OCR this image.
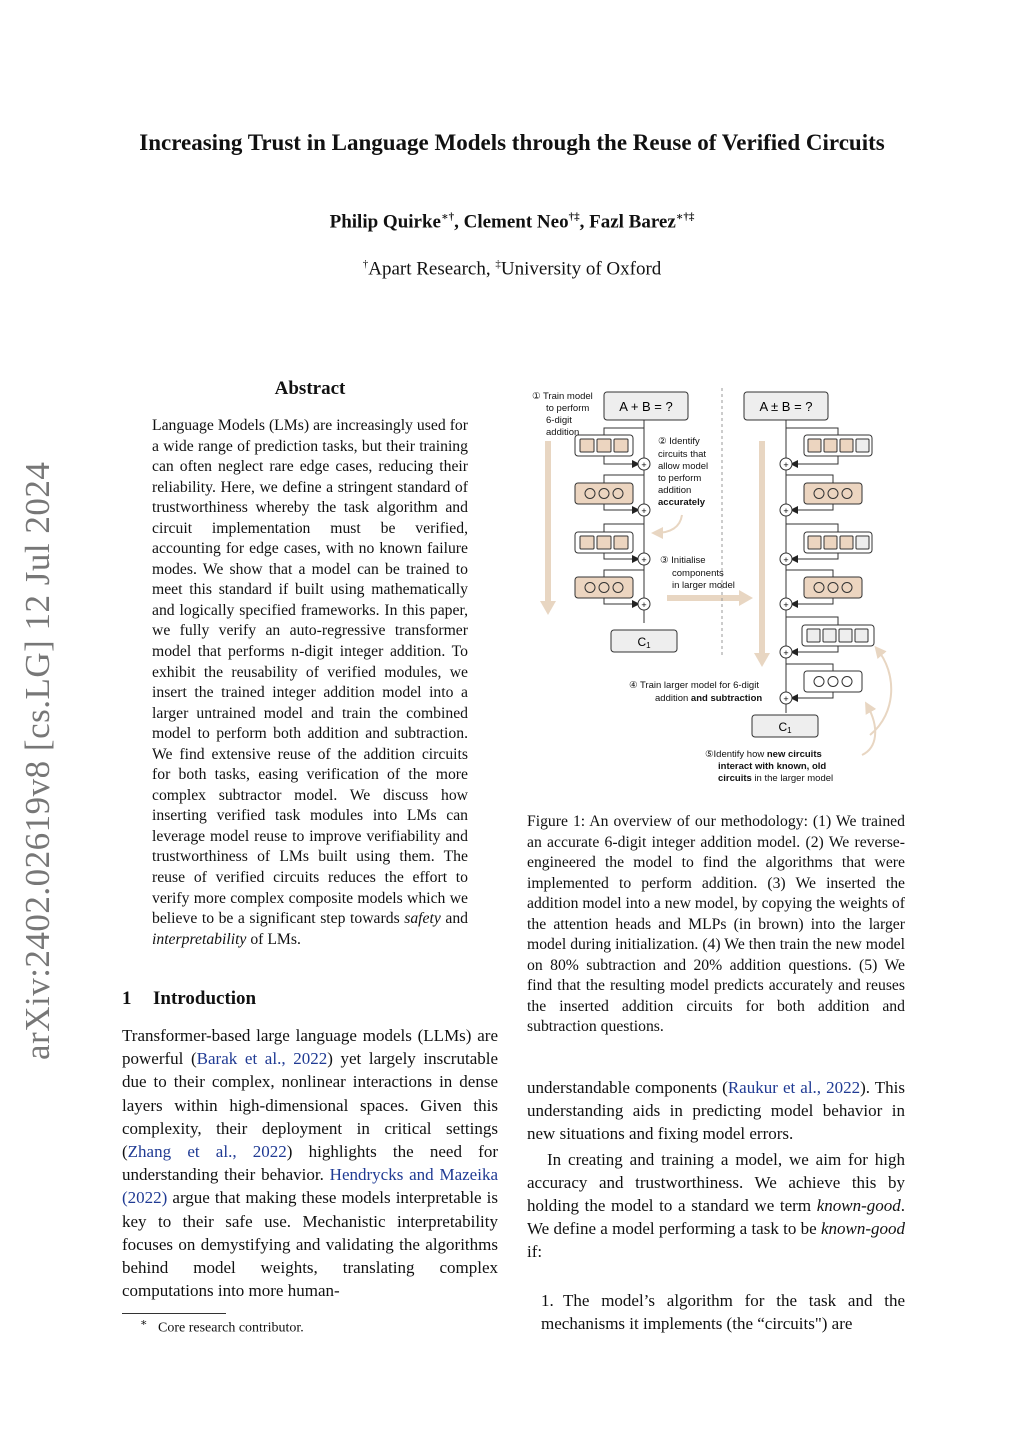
Increasing Trust in Language Models through the Reuse of Verified Circuits
Philip Quirke∗†, Clement Neo†‡, Fazl Barez∗†‡
†Apart Research, ‡University of Oxford
arXiv:2402.02619v8 [cs.LG] 12 Jul 2024
Abstract
Language Models (LMs) are increasingly used for a wide range of prediction tasks, but their training can often neglect rare edge cases, reducing their reliability. Here, we define a stringent standard of trustworthiness whereby the task algorithm and circuit implementation must be verified, accounting for edge cases, with no known failure modes. We show that a model can be trained to meet this standard if built using mathematically and logically specified frameworks. In this paper, we fully verify an auto-regressive transformer model that performs n-digit integer addition. To exhibit the reusability of verified modules, we insert the trained integer addition model into a larger untrained model and train the combined model to perform both addition and subtraction. We find extensive reuse of the addition circuits for both tasks, easing verification of the more complex subtractor model. We discuss how inserting verified task modules into LMs can leverage model reuse to improve verifiability and trustworthiness of LMs built using them. The reuse of verified circuits reduces the effort to verify more complex composite models which we believe to be a significant step towards safety and interpretability of LMs.
1 Introduction
Transformer-based large language models (LLMs) are powerful (Barak et al., 2022) yet largely inscrutable due to their complex, nonlinear interactions in dense layers within high-dimensional spaces. Given this complexity, their deployment in critical settings (Zhang et al., 2022) highlights the need for understanding their behavior. Hendrycks and Mazeika (2022) argue that making these models interpretable is key to their safe use. Mechanistic interpretability focuses on demystifying and validating the algorithms behind model weights, translating complex computations into more human-
∗ Core research contributor.
A + B = ?
+
+
+
+
C1
A ± B = ?
+
+
+
+
+
+
C1
① Train model
to perform
6-digit
addition
② Identify
circuits that
allow model
to perform
addition
accurately
③ Initialise
components
in larger model
④ Train larger model for 6-digit
addition and subtraction
⑤Identify how new circuits
interact with known, old
circuits in the larger model
Figure 1: An overview of our methodology: (1) We trained an accurate 6-digit integer addition model. (2) We reverse-engineered the model to find the algorithms that were implemented to perform addition. (3) We inserted the addition model into a new model, by copying the weights of the attention heads and MLPs (in brown) into the larger model during initialization. (4) We then train the new model on 80% subtraction and 20% addition questions. (5) We find that the resulting model predicts accurately and reuses the inserted addition circuits for both addition and subtraction questions.

understandable components (Raukur et al., 2022). This understanding aids in predicting model behavior in new situations and fixing model errors.

In creating and training a model, we aim for high accuracy and trustworthiness. We achieve this by holding the model to a standard we term known-good. We define a model performing a task to be known-good if:

1. The model’s algorithm for the task and the mechanisms it implements (the “circuits") are
